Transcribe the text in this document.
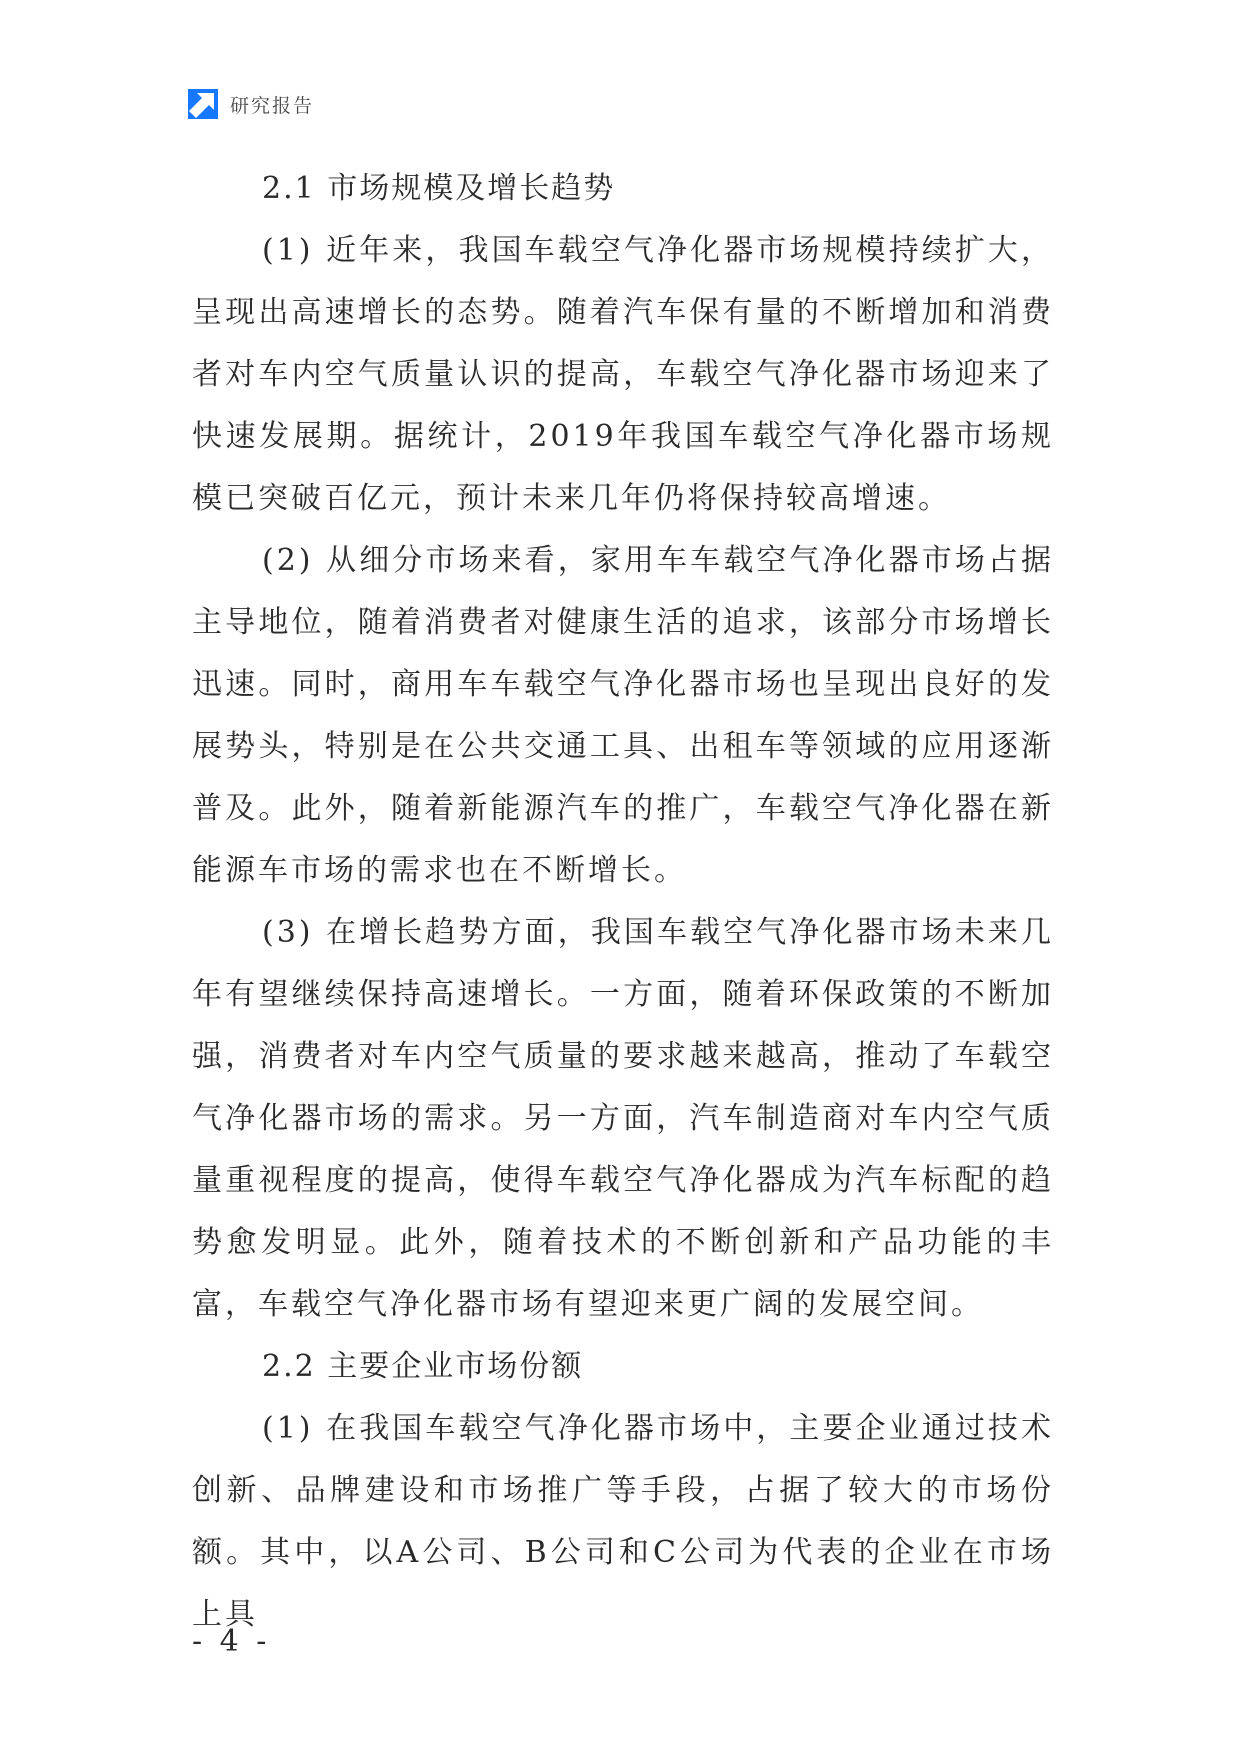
研究报告
2.1 市场规模及增长趋势

(1) 近年来，我国车载空气净化器市场规模持续扩大，呈现出高速增长的态势。随着汽车保有量的不断增加和消费者对车内空气质量认识的提高，车载空气净化器市场迎来了快速发展期。据统计，2019年我国车载空气净化器市场规模已突破百亿元，预计未来几年仍将保持较高增速。

(2) 从细分市场来看，家用车车载空气净化器市场占据主导地位，随着消费者对健康生活的追求，该部分市场增长迅速。同时，商用车车载空气净化器市场也呈现出良好的发展势头，特别是在公共交通工具、出租车等领域的应用逐渐普及。此外，随着新能源汽车的推广，车载空气净化器在新能源车市场的需求也在不断增长。

(3) 在增长趋势方面，我国车载空气净化器市场未来几年有望继续保持高速增长。一方面，随着环保政策的不断加强，消费者对车内空气质量的要求越来越高，推动了车载空气净化器市场的需求。另一方面，汽车制造商对车内空气质量重视程度的提高，使得车载空气净化器成为汽车标配的趋势愈发明显。此外，随着技术的不断创新和产品功能的丰富，车载空气净化器市场有望迎来更广阔的发展空间。

2.2 主要企业市场份额

(1) 在我国车载空气净化器市场中，主要企业通过技术创新、品牌建设和市场推广等手段，占据了较大的市场份额。其中，以A公司、B公司和C公司为代表的企业在市场上具

- 4 -
